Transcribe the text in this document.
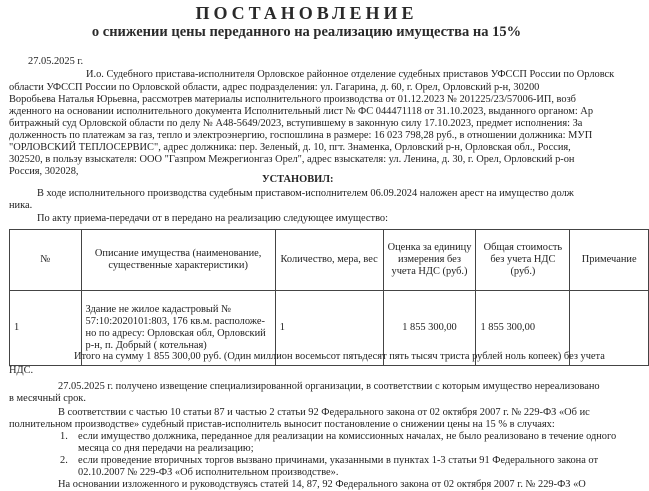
ПОСТАНОВЛЕНИЕ
о снижении цены переданного на реализацию имущества на 15%
27.05.2025 г.
И.о. Судебного пристава-исполнителя Орловское районное отделение судебных приставов УФССП России по Орловск
области УФССП России по Орловской области, адрес подразделения: ул. Гагарина, д. 60, г. Орел, Орловский р-н, 30200
Воробьева Наталья Юрьевна, рассмотрев материалы исполнительного производства от 01.12.2023 № 201225/23/57006-ИП, возб
жденного на основании исполнительного документа Исполнительный лист № ФС 044471118 от 31.10.2023, выданного органом: Ар
битражный суд Орловской области по делу № А48-5649/2023, вступившему в законную силу 17.10.2023, предмет исполнения: За
долженность по платежам за газ, тепло и электроэнергию, госпошлина в размере: 16 023 798,28 руб., в отношении должника: МУП
"ОРЛОВСКИЙ ТЕПЛОСЕРВИС", адрес должника: пер. Зеленый, д. 10, пгт. Знаменка, Орловский р-н, Орловская обл., Россия,
302520, в пользу взыскателя: ООО "Газпром Межрегионгаз Орел", адрес взыскателя: ул. Ленина, д. 30, г. Орел, Орловский р-он
Россия, 302028,
УСТАНОВИЛ:
В ходе исполнительного производства судебным приставом-исполнителем 06.09.2024 наложен арест на имущество долж
ника.
По акту приема-передачи от в передано на реализацию следующее имущество:
№	Описание имущества (наименование, существенные характеристики)	Количество, мера, вес	Оценка за единицу измерения без учета НДС (руб.)	Общая стоимость без учета НДС (руб.)	Примечание
1	Здание не жилое кадастровый № 57:10:2020101:803, 176 кв.м. расположе-но по адресу: Орловская обл, Орловский р-н, п. Добрый ( котельная)	1	1 855 300,00	1 855 300,00	
Итого на сумму 1 855 300,00 руб. (Один миллион восемьсот пятьдесят пять тысяч триста рублей ноль копеек) без учета
НДС.
27.05.2025 г. получено извещение специализированной организации, в соответствии с которым имущество нереализовано
в месячный срок.
В соответствии с частью 10 статьи 87 и частью 2 статьи 92 Федерального закона от 02 октября 2007 г. № 229-ФЗ «Об ис
полнительном производстве» судебный пристав-исполнитель выносит постановление о снижении цены на 15 % в случаях:
1. если имущество должника, переданное для реализации на комиссионных началах, не было реализовано в течение одного
месяца со дня передачи на реализацию;
2. если проведение вторичных торгов вызвано причинами, указанными в пунктах 1-3 статьи 91 Федерального закона от
02.10.2007 № 229-ФЗ «Об исполнительном производстве».
На основании изложенного и руководствуясь статей 14, 87, 92 Федерального закона от 02 октября 2007 г. № 229-ФЗ «О
